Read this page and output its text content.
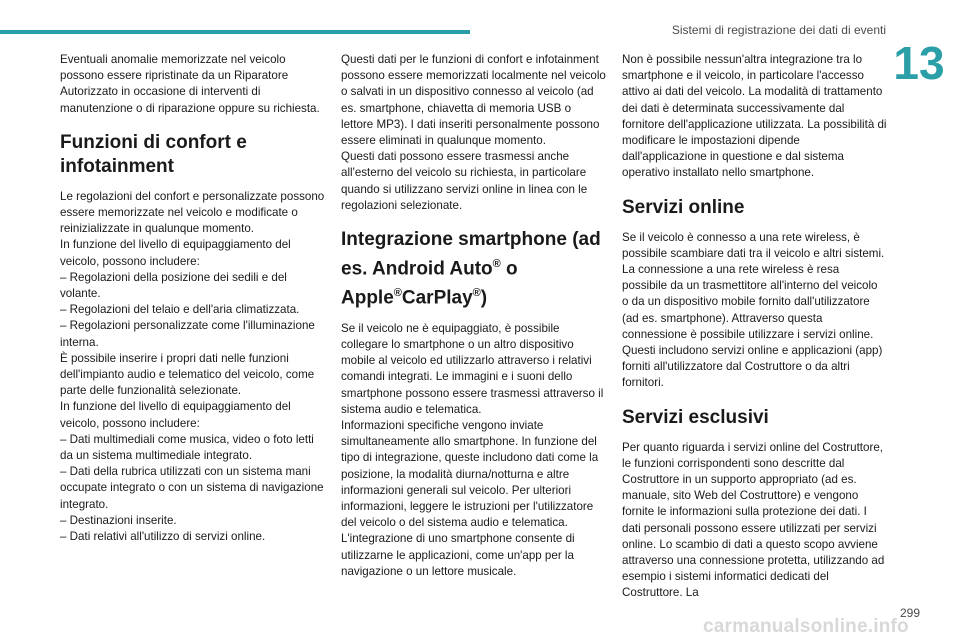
Sistemi di registrazione dei dati di eventi
13

Eventuali anomalie memorizzate nel veicolo possono essere ripristinate da un Riparatore Autorizzato in occasione di interventi di manutenzione o di riparazione oppure su richiesta.

Funzioni di confort e infotainment

Le regolazioni del confort e personalizzate possono essere memorizzate nel veicolo e modificate o reinizializzate in qualunque momento.
In funzione del livello di equipaggiamento del veicolo, possono includere:
– Regolazioni della posizione dei sedili e del volante.
– Regolazioni del telaio e dell'aria climatizzata.
– Regolazioni personalizzate come l'illuminazione interna.
È possibile inserire i propri dati nelle funzioni dell'impianto audio e telematico del veicolo, come parte delle funzionalità selezionate.
In funzione del livello di equipaggiamento del veicolo, possono includere:
– Dati multimediali come musica, video o foto letti da un sistema multimediale integrato.
– Dati della rubrica utilizzati con un sistema mani occupate integrato o con un sistema di navigazione integrato.
– Destinazioni inserite.
– Dati relativi all'utilizzo di servizi online.

Questi dati per le funzioni di confort e infotainment possono essere memorizzati localmente nel veicolo o salvati in un dispositivo connesso al veicolo (ad es. smartphone, chiavetta di memoria USB o lettore MP3). I dati inseriti personalmente possono essere eliminati in qualunque momento.
Questi dati possono essere trasmessi anche all'esterno del veicolo su richiesta, in particolare quando si utilizzano servizi online in linea con le regolazioni selezionate.

Integrazione smartphone (ad es. Android Auto® o Apple®CarPlay®)

Se il veicolo ne è equipaggiato, è possibile collegare lo smartphone o un altro dispositivo mobile al veicolo ed utilizzarlo attraverso i relativi comandi integrati. Le immagini e i suoni dello smartphone possono essere trasmessi attraverso il sistema audio e telematica.
Informazioni specifiche vengono inviate simultaneamente allo smartphone. In funzione del tipo di integrazione, queste includono dati come la posizione, la modalità diurna/notturna e altre informazioni generali sul veicolo. Per ulteriori informazioni, leggere le istruzioni per l'utilizzatore del veicolo o del sistema audio e telematica.
L'integrazione di uno smartphone consente di utilizzarne le applicazioni, come un'app per la navigazione o un lettore musicale.

Non è possibile nessun'altra integrazione tra lo smartphone e il veicolo, in particolare l'accesso attivo ai dati del veicolo. La modalità di trattamento dei dati è determinata successivamente dal fornitore dell'applicazione utilizzata. La possibilità di modificare le impostazioni dipende dall'applicazione in questione e dal sistema operativo installato nello smartphone.

Servizi online

Se il veicolo è connesso a una rete wireless, è possibile scambiare dati tra il veicolo e altri sistemi. La connessione a una rete wireless è resa possibile da un trasmettitore all'interno del veicolo o da un dispositivo mobile fornito dall'utilizzatore (ad es. smartphone). Attraverso questa connessione è possibile utilizzare i servizi online. Questi includono servizi online e applicazioni (app) forniti all'utilizzatore dal Costruttore o da altri fornitori.

Servizi esclusivi

Per quanto riguarda i servizi online del Costruttore, le funzioni corrispondenti sono descritte dal Costruttore in un supporto appropriato (ad es. manuale, sito Web del Costruttore) e vengono fornite le informazioni sulla protezione dei dati. I dati personali possono essere utilizzati per servizi online. Lo scambio di dati a questo scopo avviene attraverso una connessione protetta, utilizzando ad esempio i sistemi informatici dedicati del Costruttore. La

299
carmanualsonline.info
